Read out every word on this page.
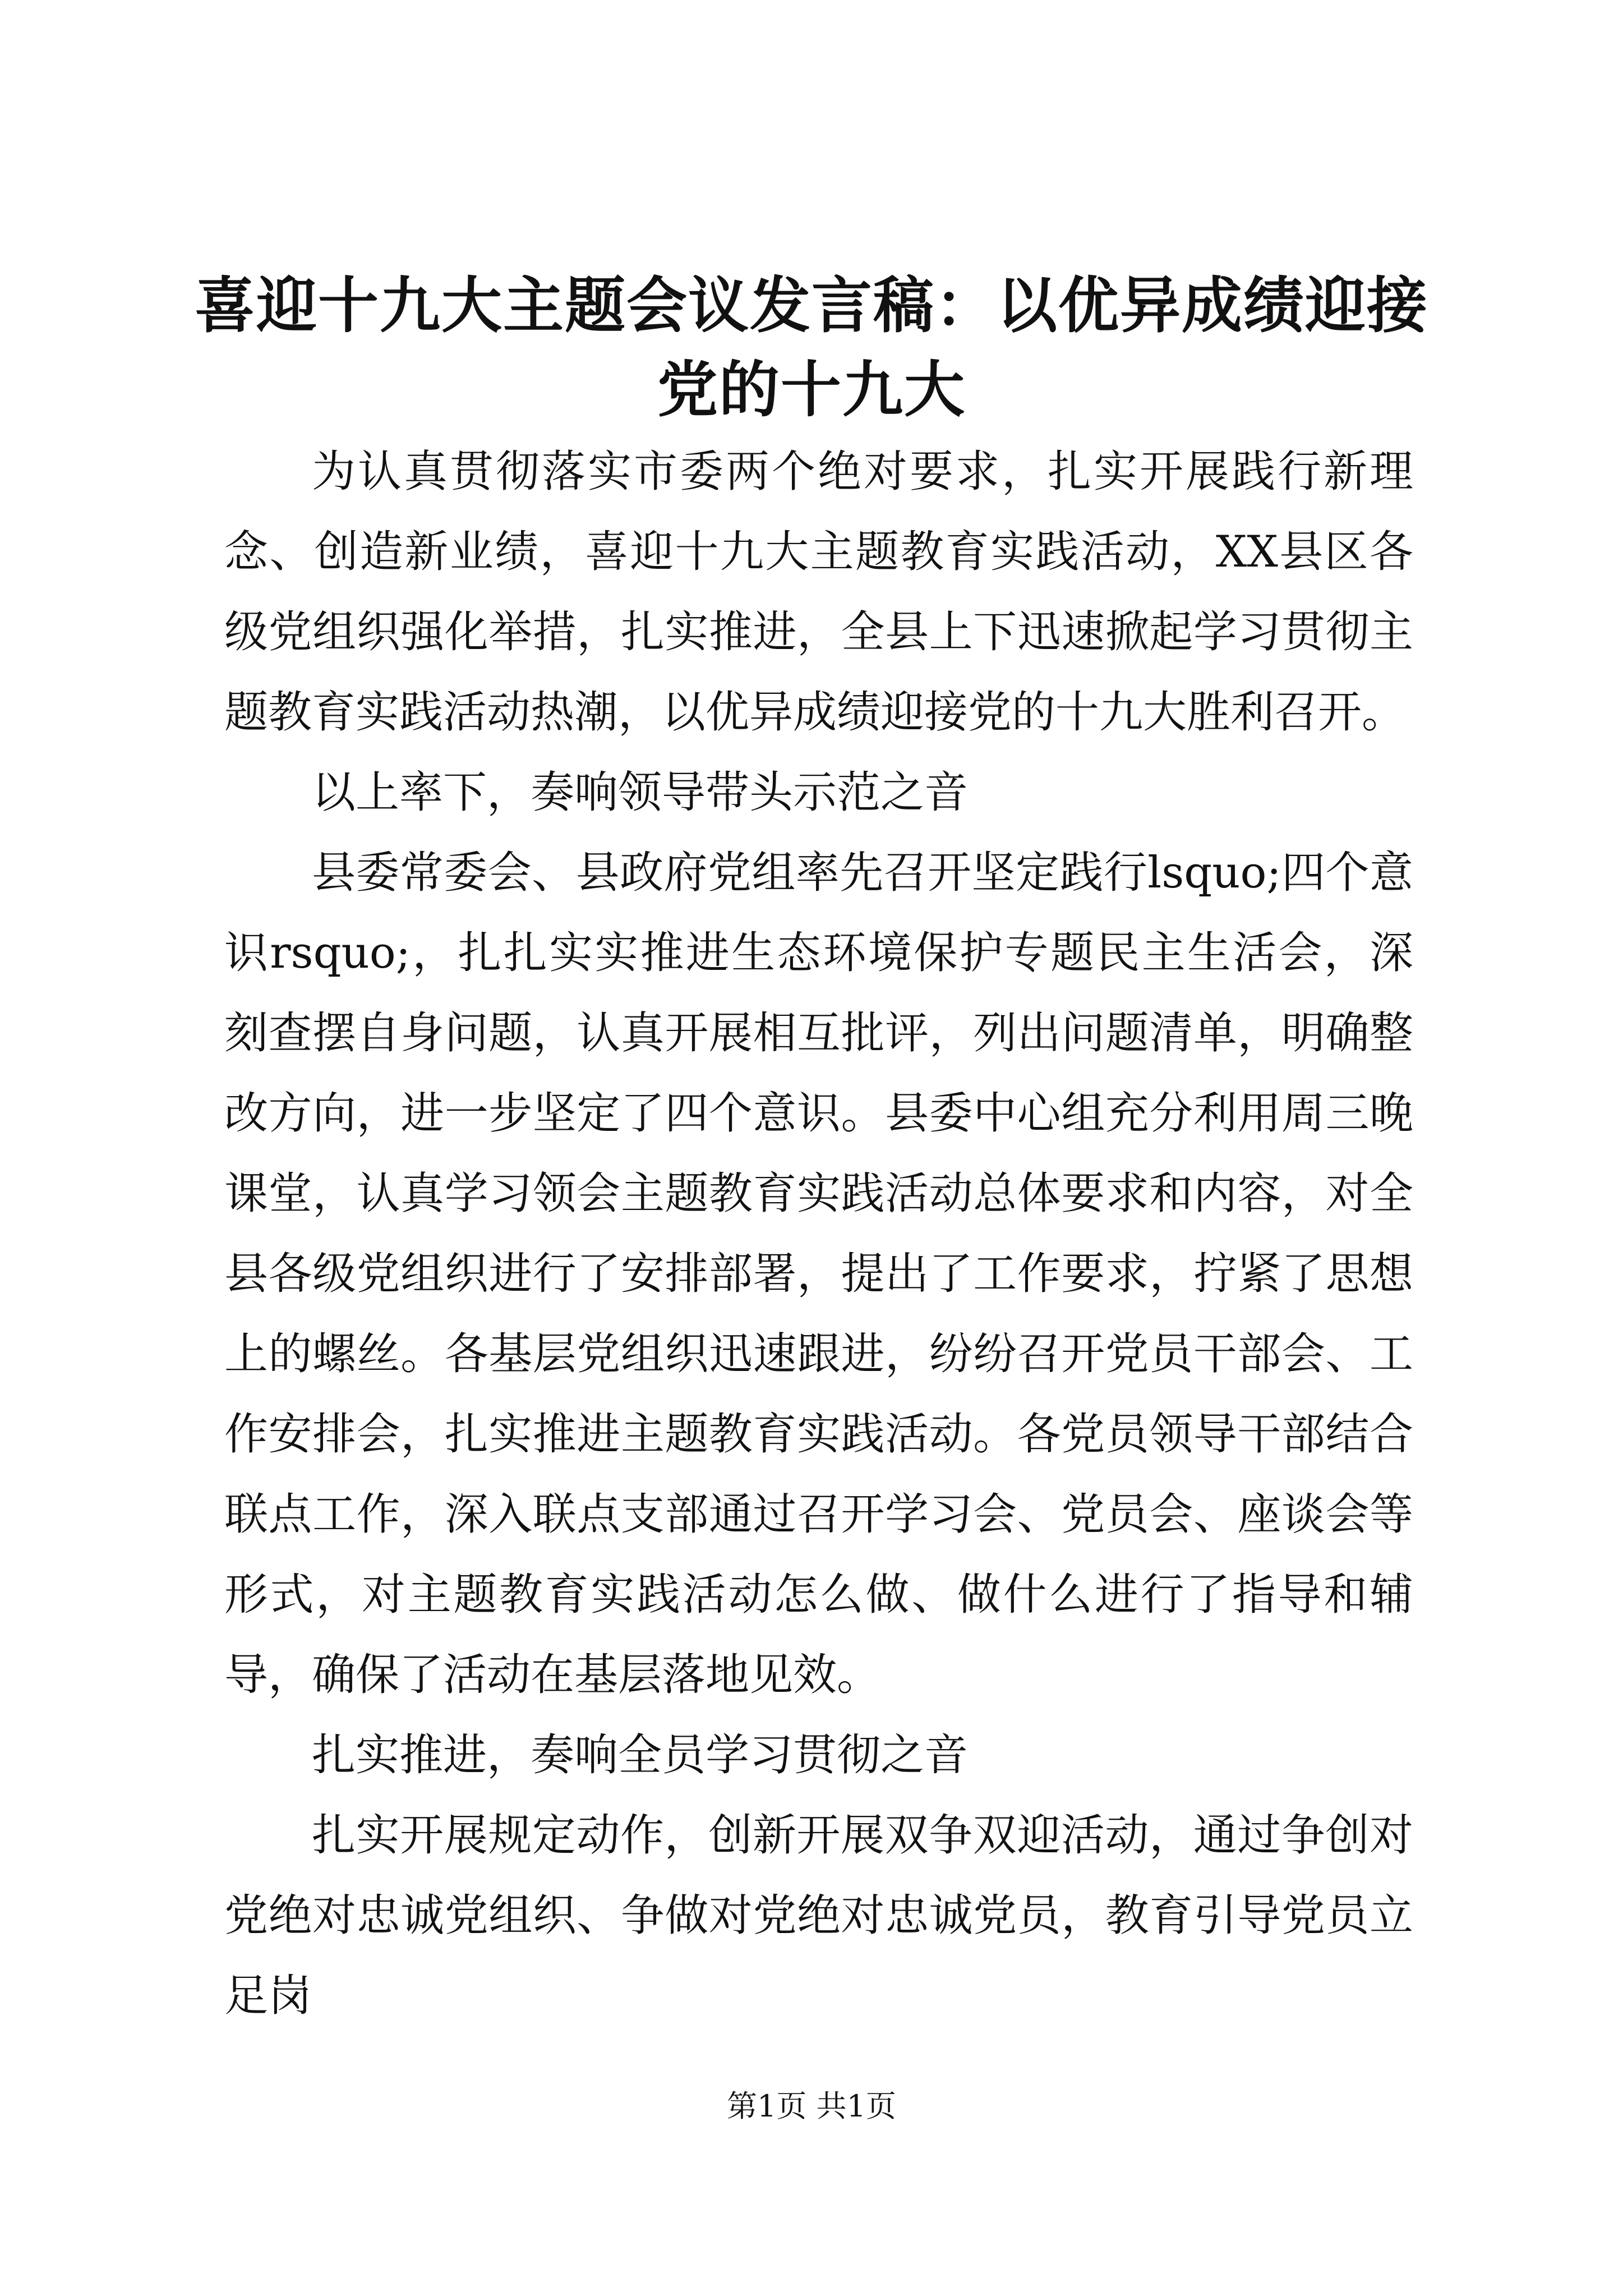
喜迎十九大主题会议发言稿：以优异成绩迎接
党的十九大

为认真贯彻落实市委两个绝对要求，扎实开展践行新理念、创造新业绩，喜迎十九大主题教育实践活动，XX县区各级党组织强化举措，扎实推进，全县上下迅速掀起学习贯彻主题教育实践活动热潮，以优异成绩迎接党的十九大胜利召开。

以上率下，奏响领导带头示范之音

县委常委会、县政府党组率先召开坚定践行lsquo;四个意识rsquo;，扎扎实实推进生态环境保护专题民主生活会，深刻查摆自身问题，认真开展相互批评，列出问题清单，明确整改方向，进一步坚定了四个意识。县委中心组充分利用周三晚课堂，认真学习领会主题教育实践活动总体要求和内容，对全县各级党组织进行了安排部署，提出了工作要求，拧紧了思想上的螺丝。各基层党组织迅速跟进，纷纷召开党员干部会、工作安排会，扎实推进主题教育实践活动。各党员领导干部结合联点工作，深入联点支部通过召开学习会、党员会、座谈会等形式，对主题教育实践活动怎么做、做什么进行了指导和辅导，确保了活动在基层落地见效。

扎实推进，奏响全员学习贯彻之音

扎实开展规定动作，创新开展双争双迎活动，通过争创对党绝对忠诚党组织、争做对党绝对忠诚党员，教育引导党员立足岗

第1页 共1页
